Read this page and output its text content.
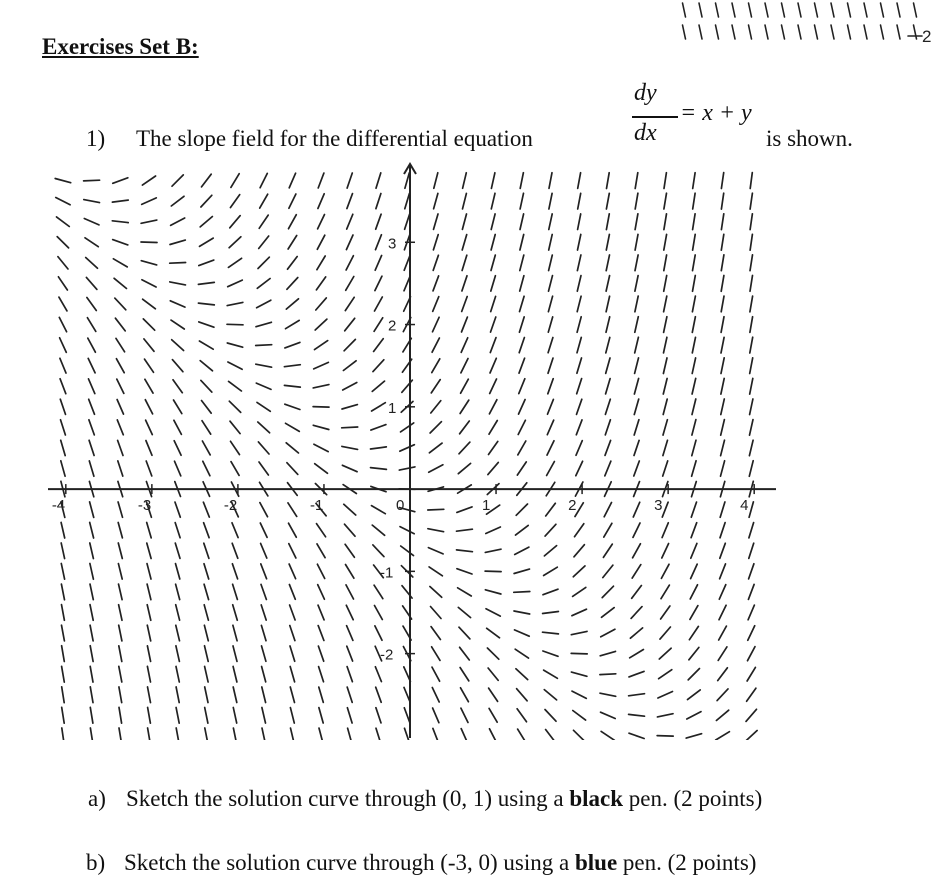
Exercises Set B:	2
dy
dx
= x + y
1) The slope field for the differential equation	is shown.
-4	-3	-2	-1	0	1	2	3	4
-2
-1
1
2
3
a) Sketch the solution curve through (0, 1) using a black pen. (2 points)
b) Sketch the solution curve through (-3, 0) using a blue pen. (2 points)
